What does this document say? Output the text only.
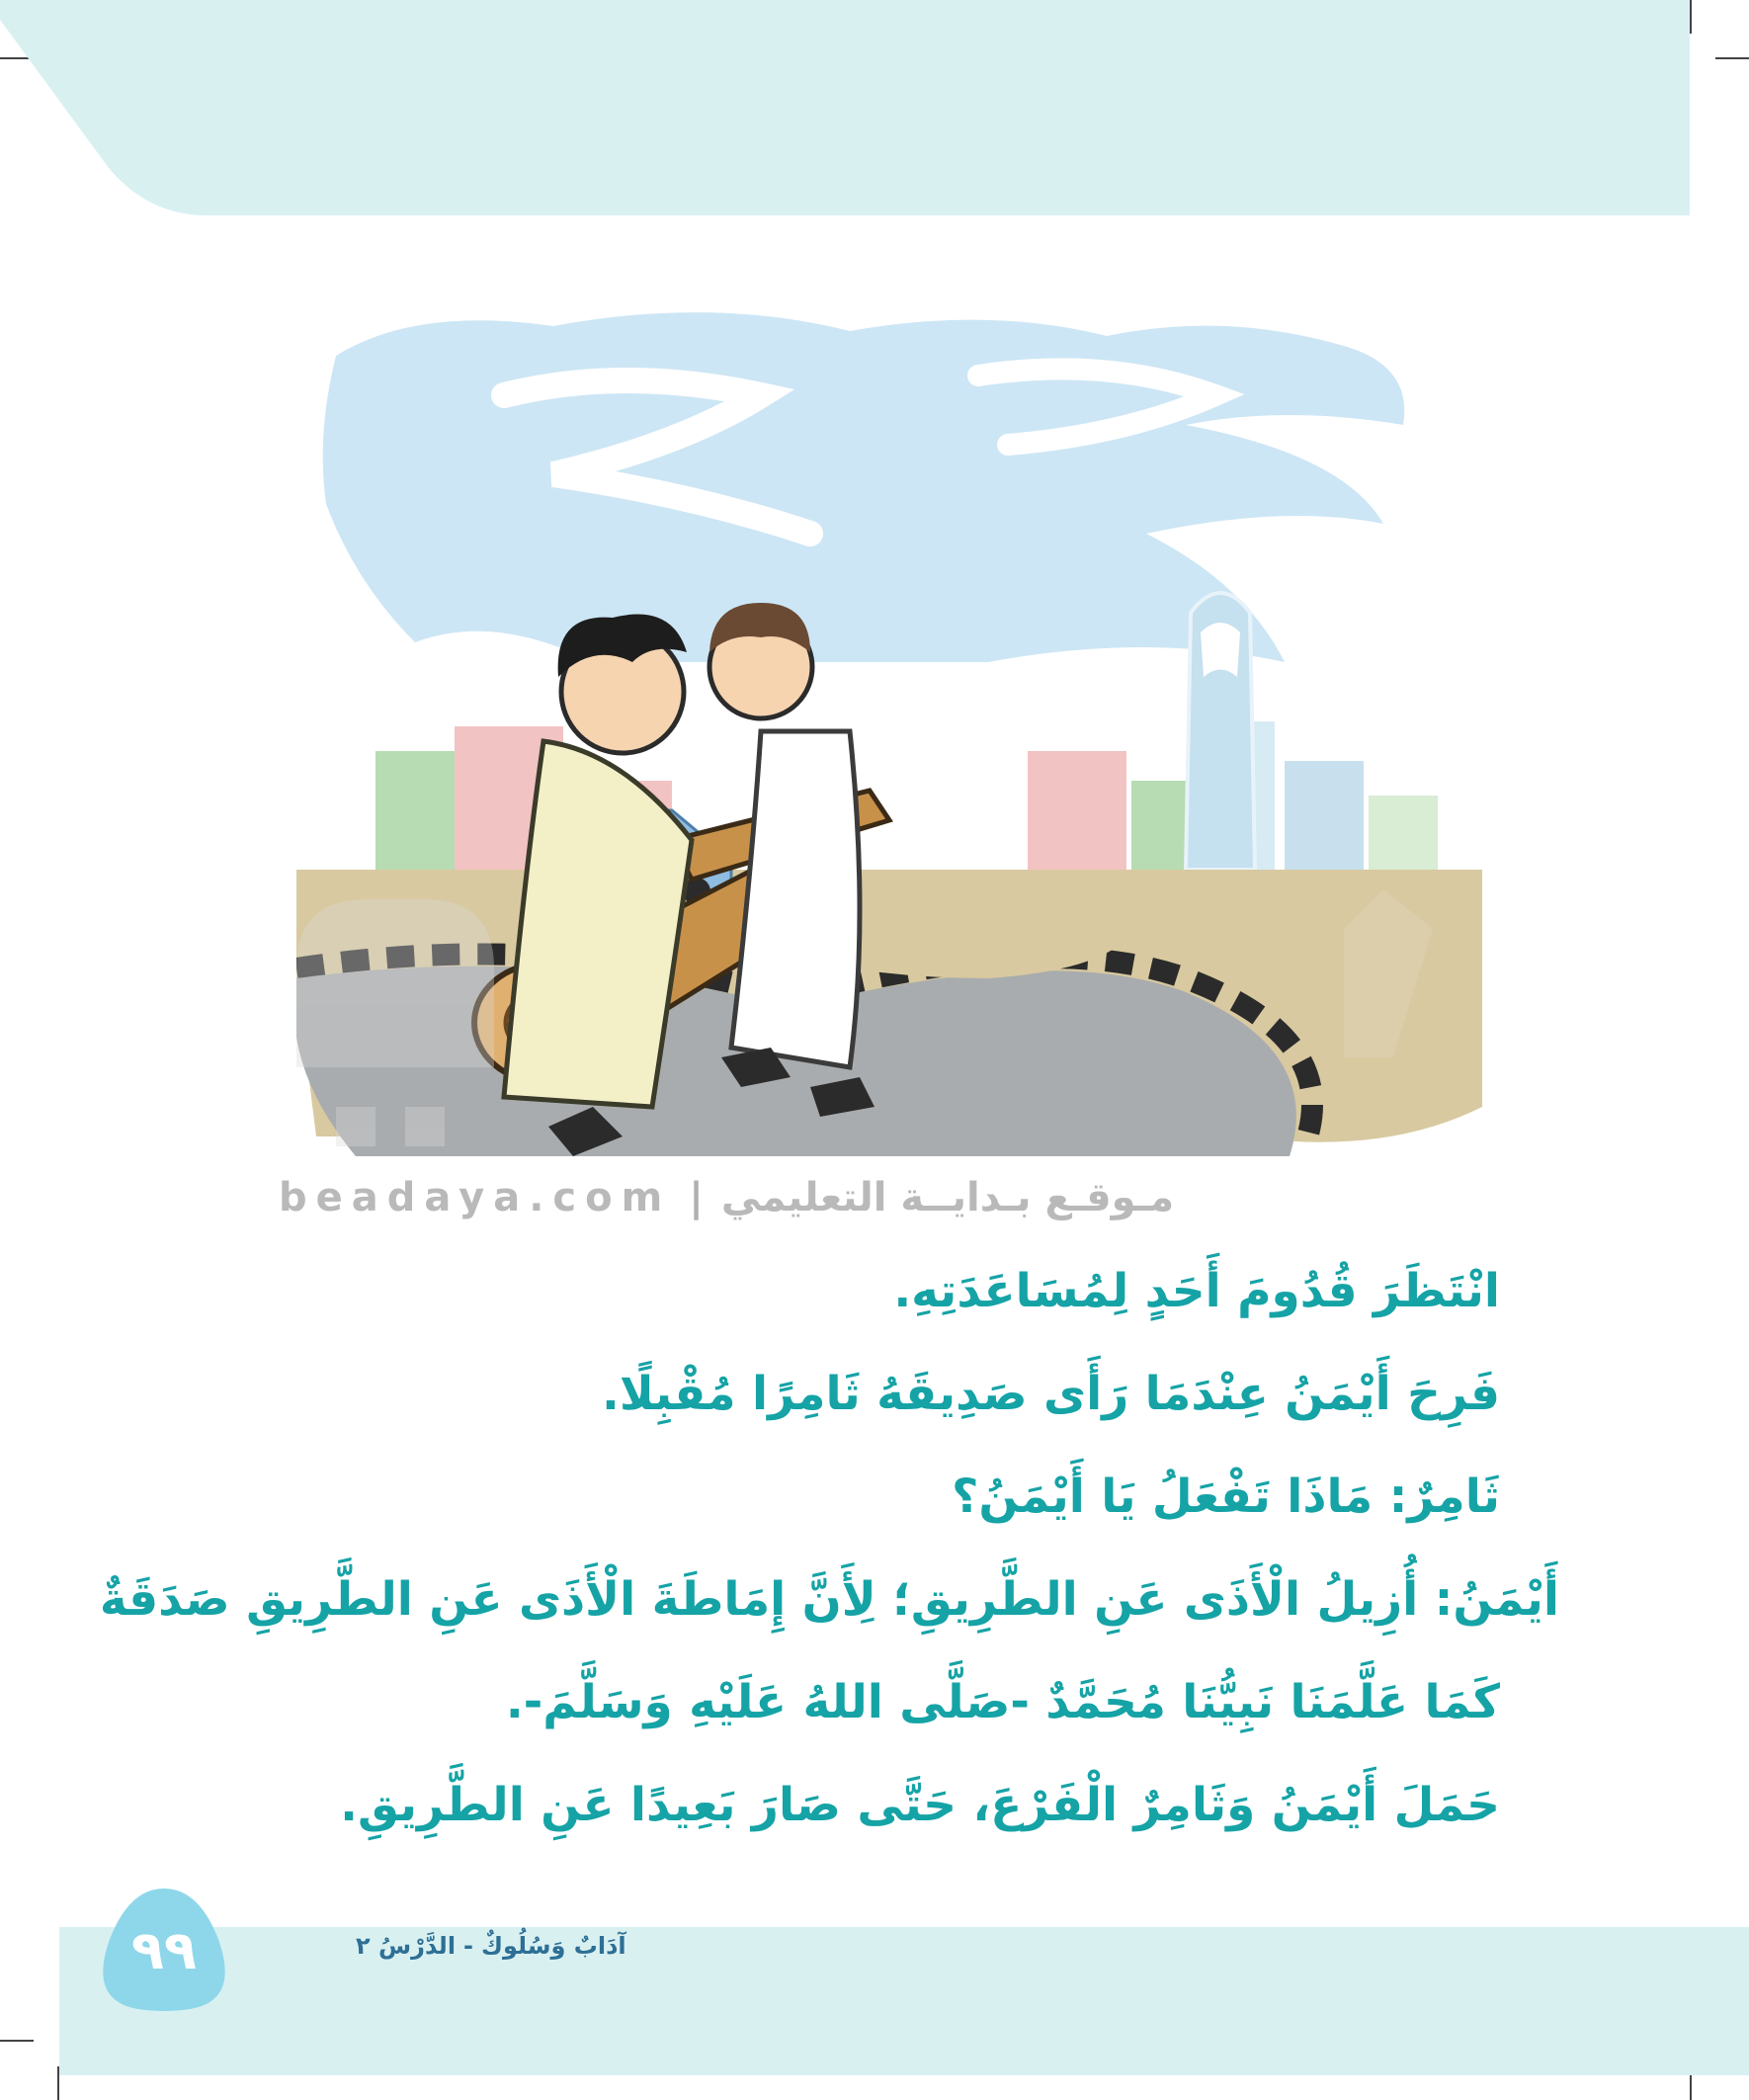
beadaya.com | مـوقـع بـدايــة التعليمي
انْتَظَرَ قُدُومَ أَحَدٍ لِمُسَاعَدَتِهِ.
فَرِحَ أَيْمَنُ عِنْدَمَا رَأَى صَدِيقَهُ ثَامِرًا مُقْبِلًا.
ثَامِرٌ: مَاذَا تَفْعَلُ يَا أَيْمَنُ؟
أَيْمَنُ: أُزِيلُ الْأَذَى عَنِ الطَّرِيقِ؛ لِأَنَّ إِمَاطَةَ الْأَذَى عَنِ الطَّرِيقِ صَدَقَةٌ
كَمَا عَلَّمَنَا نَبِيُّنَا مُحَمَّدٌ -صَلَّى اللهُ عَلَيْهِ وَسَلَّمَ-.
حَمَلَ أَيْمَنُ وَثَامِرٌ الْفَرْعَ، حَتَّى صَارَ بَعِيدًا عَنِ الطَّرِيقِ.
٩٩	آدَابٌ وَسُلُوكٌ-الدَّرْسُ ٢
